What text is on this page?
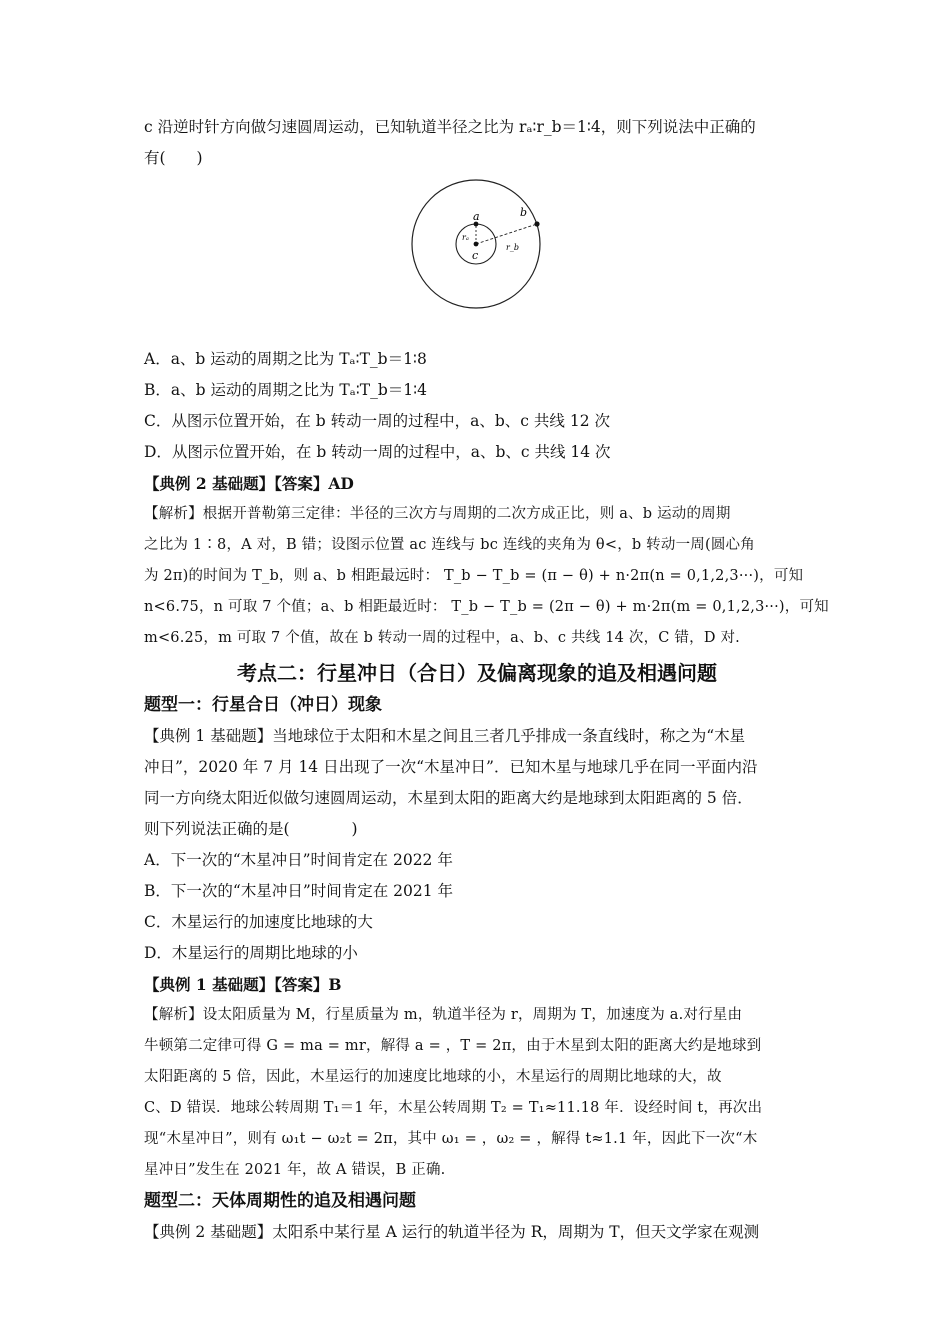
c 沿逆时针方向做匀速圆周运动，已知轨道半径之比为 rₐ∶r_b＝1∶4，则下列说法中正确的
有(　　)
a	b
c
rₐ
r_b
A．a、b 运动的周期之比为 Tₐ∶T_b＝1∶8
B．a、b 运动的周期之比为 Tₐ∶T_b＝1∶4
C．从图示位置开始，在 b 转动一周的过程中，a、b、c 共线 12 次
D．从图示位置开始，在 b 转动一周的过程中，a、b、c 共线 14 次
【典例 2 基础题】【答案】AD
【解析】根据开普勒第三定律：半径的三次方与周期的二次方成正比，则 a、b 运动的周期
之比为 1∶8，A 对，B 错；设图示位置 ac 连线与 bc 连线的夹角为 θ<，b 转动一周(圆心角
为 2π)的时间为 T_b，则 a、b 相距最远时： T_b − T_b = (π − θ) + n·2π(n = 0,1,2,3···)，可知
n<6.75，n 可取 7 个值；a、b 相距最近时： T_b − T_b = (2π − θ) + m·2π(m = 0,1,2,3···)，可知
m<6.25，m 可取 7 个值，故在 b 转动一周的过程中，a、b、c 共线 14 次，C 错，D 对.
考点二：行星冲日（合日）及偏离现象的追及相遇问题
题型一：行星合日（冲日）现象
【典例 1 基础题】当地球位于太阳和木星之间且三者几乎排成一条直线时，称之为“木星
冲日”，2020 年 7 月 14 日出现了一次“木星冲日”．已知木星与地球几乎在同一平面内沿
同一方向绕太阳近似做匀速圆周运动，木星到太阳的距离大约是地球到太阳距离的 5 倍．
则下列说法正确的是(　　　　)
A．下一次的“木星冲日”时间肯定在 2022 年
B．下一次的“木星冲日”时间肯定在 2021 年
C．木星运行的加速度比地球的大
D．木星运行的周期比地球的小
【典例 1 基础题】【答案】B
【解析】设太阳质量为 M，行星质量为 m，轨道半径为 r，周期为 T，加速度为 a.对行星由
牛顿第二定律可得 G = ma = mr，解得 a = ，T = 2π，由于木星到太阳的距离大约是地球到
太阳距离的 5 倍，因此，木星运行的加速度比地球的小，木星运行的周期比地球的大，故
C、D 错误．地球公转周期 T₁＝1 年，木星公转周期 T₂ = T₁≈11.18 年．设经时间 t，再次出
现“木星冲日”，则有 ω₁t − ω₂t = 2π，其中 ω₁ = ，ω₂ = ，解得 t≈1.1 年，因此下一次“木
星冲日”发生在 2021 年，故 A 错误，B 正确.
题型二：天体周期性的追及相遇问题
【典例 2 基础题】太阳系中某行星 A 运行的轨道半径为 R，周期为 T，但天文学家在观测
